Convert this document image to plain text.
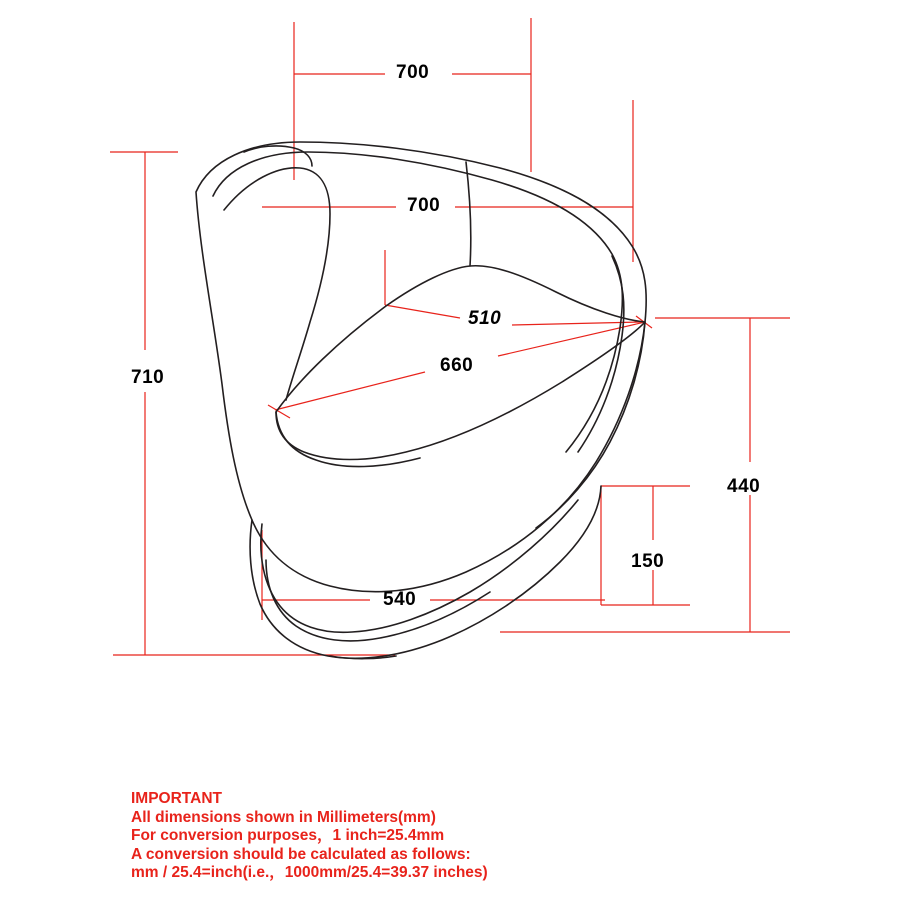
700
700
510
660
710
440
150
540
IMPORTANT
All dimensions shown in Millimeters(mm)
For conversion purposes，1 inch=25.4mm
A conversion should be calculated as follows:
mm / 25.4=inch(i.e.，1000mm/25.4=39.37 inches)
